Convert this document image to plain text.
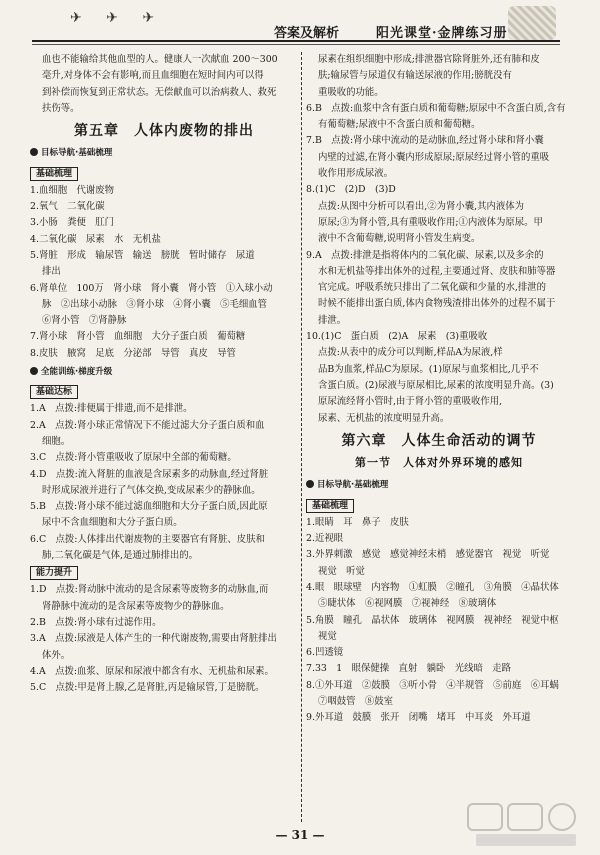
✈ ✈ ✈
答案及解析	阳光课堂·金牌练习册
血也不能输给其他血型的人。健康人一次献血 200～300
毫升,对身体不会有影响,而且血细胞在短时间内可以得
到补偿而恢复到正常状态。无偿献血可以治病救人、救死
扶伤等。
第五章　人体内废物的排出
目标导航·基础梳理
基础梳理
1.血细胞　代谢废物
2.氧气　二氧化碳
3.小肠　粪便　肛门
4.二氧化碳　尿素　水　无机盐
5.肾脏　形成　输尿管　输送　膀胱　暂时储存　尿道
排出
6.肾单位　100万　肾小球　肾小囊　肾小管　①入球小动
脉　②出球小动脉　③肾小球　④肾小囊　⑤毛细血管
⑥肾小管　⑦肾静脉
7.肾小球　肾小管　血细胞　大分子蛋白质　葡萄糖
8.皮肤　腋窝　足底　分泌部　导管　真皮　导管
全能训练·梯度升级
基础达标
1.A　点拨:排便属于排遗,而不是排泄。
2.A　点拨:肾小球正常情况下不能过滤大分子蛋白质和血
细胞。
3.C　点拨:肾小管重吸收了原尿中全部的葡萄糖。
4.D　点拨:流入肾脏的血液是含尿素多的动脉血,经过肾脏
时形成尿液并进行了气体交换,变成尿素少的静脉血。
5.B　点拨:肾小球不能过滤血细胞和大分子蛋白质,因此原
尿中不含血细胞和大分子蛋白质。
6.C　点拨:人体排出代谢废物的主要器官有肾脏、皮肤和
肺,二氧化碳是气体,是通过肺排出的。
能力提升
1.D　点拨:肾动脉中流动的是含尿素等废物多的动脉血,而
肾静脉中流动的是含尿素等废物少的静脉血。
2.B　点拨:肾小球有过滤作用。
3.A　点拨:尿液是人体产生的一种代谢废物,需要由肾脏排出
体外。
4.A　点拨:血浆、原尿和尿液中都含有水、无机盐和尿素。
5.C　点拨:甲是肾上腺,乙是肾脏,丙是输尿管,丁是膀胱。
尿素在组织细胞中形成;排泄器官除肾脏外,还有肺和皮
肤;输尿管与尿道仅有输送尿液的作用;膀胱没有
重吸收的功能。
6.B　点拨:血浆中含有蛋白质和葡萄糖;原尿中不含蛋白质,含有
有葡萄糖;尿液中不含蛋白质和葡萄糖。
7.B　点拨:肾小球中流动的是动脉血,经过肾小球和肾小囊
内壁的过滤,在肾小囊内形成原尿;原尿经过肾小管的重吸
收作用形成尿液。
8.(1)C　(2)D　(3)D
点拨:从图中分析可以看出,②为肾小囊,其内液体为
原尿;③为肾小管,具有重吸收作用;①内液体为原尿。甲
液中不含葡萄糖,说明肾小管发生病变。
9.A　点拨:排泄是指将体内的二氧化碳、尿素,以及多余的
水和无机盐等排出体外的过程,主要通过肾、皮肤和肺等器
官完成。呼吸系统只排出了二氧化碳和少量的水,排泄的
时候不能排出蛋白质,体内食物残渣排出体外的过程不属于
排泄。
10.(1)C　蛋白质　(2)A　尿素　(3)重吸收
点拨:从表中的成分可以判断,样品A为尿液,样
品B为血浆,样品C为原尿。(1)原尿与血浆相比,几乎不
含蛋白质。(2)尿液与原尿相比,尿素的浓度明显升高。(3)
原尿流经肾小管时,由于肾小管的重吸收作用,
尿素、无机盐的浓度明显升高。
第六章　人体生命活动的调节
第一节　人体对外界环境的感知
目标导航·基础梳理
基础梳理
1.眼睛　耳　鼻子　皮肤
2.近视眼
3.外界刺激　感觉　感觉神经末梢　感觉器官　视觉　听觉
视觉　听觉
4.眼　眼球壁　内容物　①虹膜　②瞳孔　③角膜　④晶状体
⑤睫状体　⑥视网膜　⑦视神经　⑧玻璃体
5.角膜　瞳孔　晶状体　玻璃体　视网膜　视神经　视觉中枢
视觉
6.凹透镜
7.33　1　眼保健操　直射　躺卧　光线暗　走路
8.①外耳道　②鼓膜　③听小骨　④半规管　⑤前庭　⑥耳蜗
⑦咽鼓管　⑧鼓室
9.外耳道　鼓膜　张开　闭嘴　堵耳　中耳炎　外耳道
— 31 —
